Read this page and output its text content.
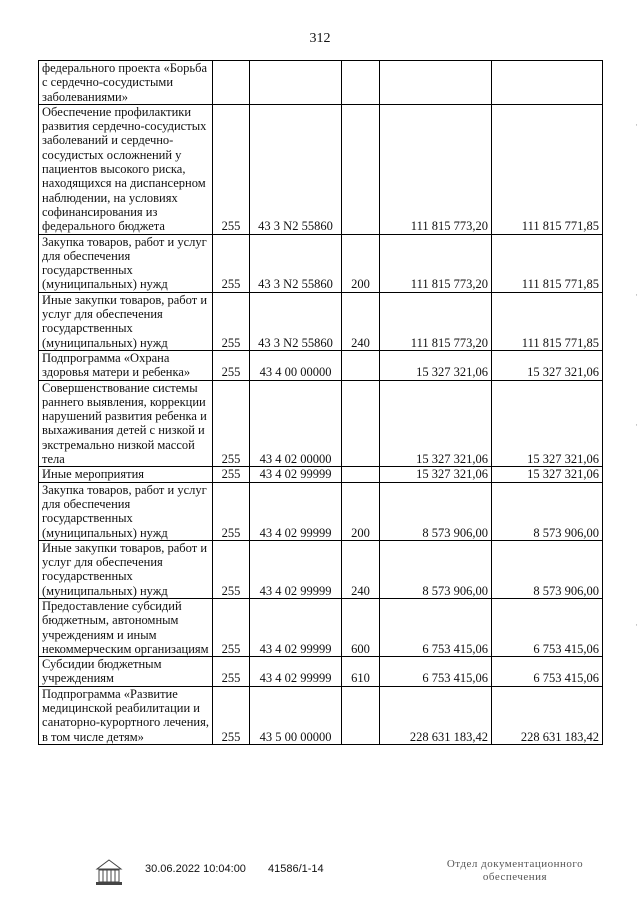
312
федерального проекта «Борьба с сердечно-сосудистыми заболеваниями»					
Обеспечение профилактики развития сердечно-сосудистых заболеваний и сердечно-сосудистых осложнений у пациентов высокого риска, находящихся на диспансерном наблюдении, на условиях софинансирования из федерального бюджета	255	43 3 N2 55860		111 815 773,20	111 815 771,85
Закупка товаров, работ и услуг для обеспечения государственных (муниципальных) нужд	255	43 3 N2 55860	200	111 815 773,20	111 815 771,85
Иные закупки товаров, работ и услуг для обеспечения государственных (муниципальных) нужд	255	43 3 N2 55860	240	111 815 773,20	111 815 771,85
Подпрограмма «Охрана здоровья матери и ребенка»	255	43 4 00 00000		15 327 321,06	15 327 321,06
Совершенствование системы раннего выявления, коррекции нарушений развития ребенка и выхаживания детей с низкой и экстремально низкой массой тела	255	43 4 02 00000		15 327 321,06	15 327 321,06
Иные мероприятия	255	43 4 02 99999		15 327 321,06	15 327 321,06
Закупка товаров, работ и услуг для обеспечения государственных (муниципальных) нужд	255	43 4 02 99999	200	8 573 906,00	8 573 906,00
Иные закупки товаров, работ и услуг для обеспечения государственных (муниципальных) нужд	255	43 4 02 99999	240	8 573 906,00	8 573 906,00
Предоставление субсидий бюджетным, автономным учреждениям и иным некоммерческим организациям	255	43 4 02 99999	600	6 753 415,06	6 753 415,06
Субсидии бюджетным учреждениям	255	43 4 02 99999	610	6 753 415,06	6 753 415,06
Подпрограмма «Развитие медицинской реабилитации и санаторно-курортного лечения, в том числе детям»	255	43 5 00 00000		228 631 183,42	228 631 183,42
30.06.2022 10:04:00 41586/1-14	Отдел документационного
обеспечения
·
·
·
·
